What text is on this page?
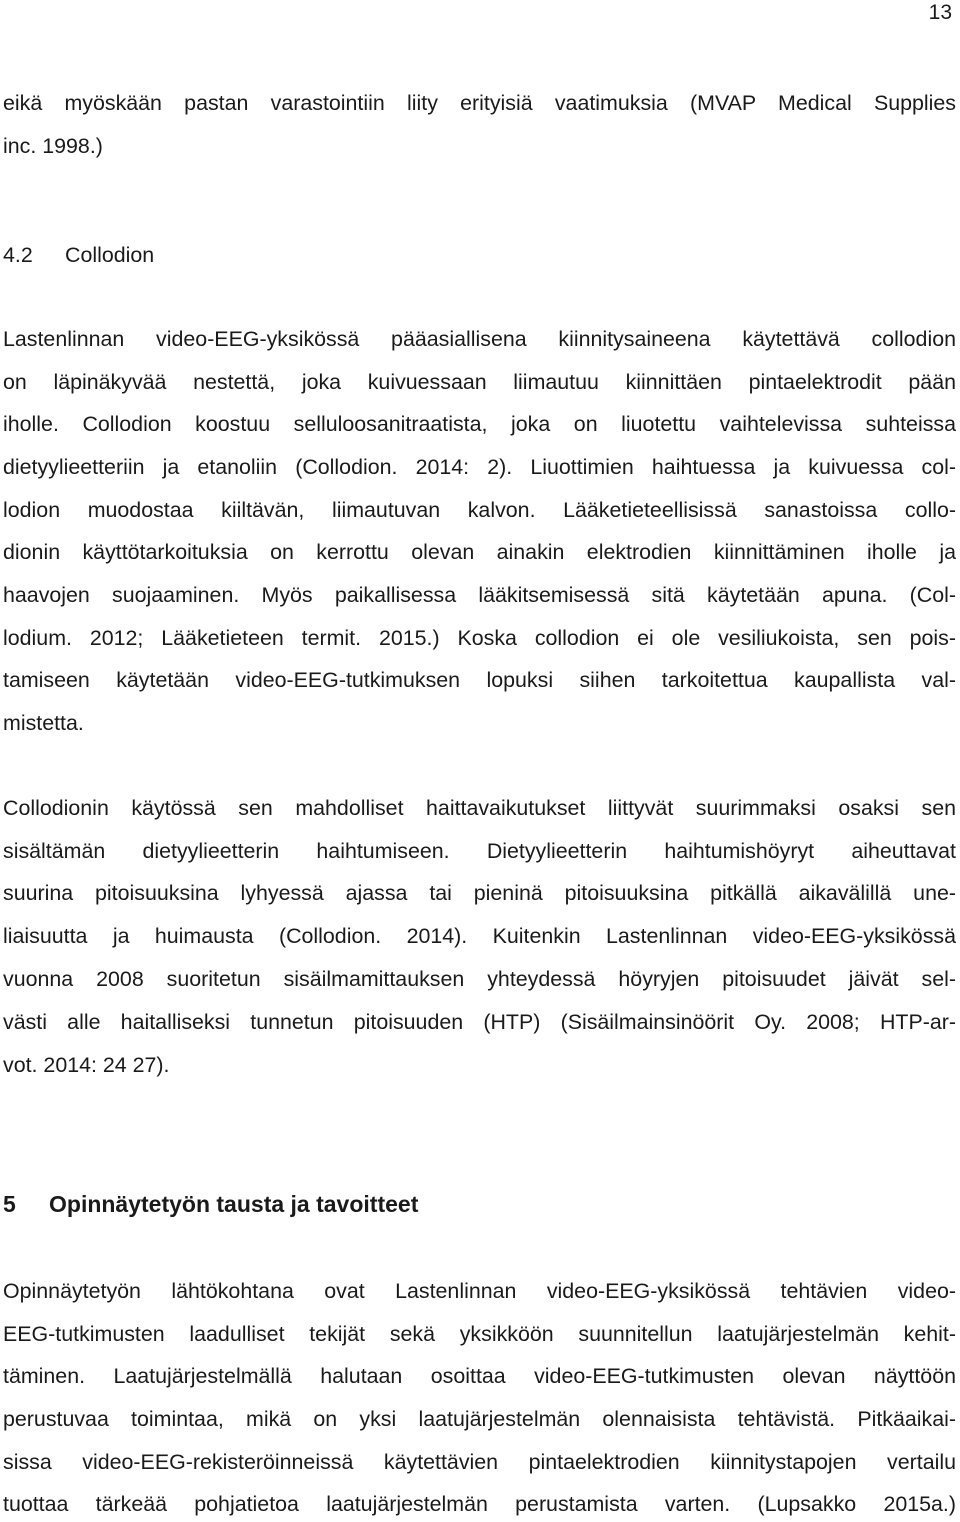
13
eikä myöskään pastan varastointiin liity erityisiä vaatimuksia (MVAP Medical Supplies
inc. 1998.)
4.2 Collodion
Lastenlinnan video-EEG-yksikössä pääasiallisena kiinnitysaineena käytettävä collodion
on läpinäkyvää nestettä, joka kuivuessaan liimautuu kiinnittäen pintaelektrodit pään
iholle. Collodion koostuu selluloosanitraatista, joka on liuotettu vaihtelevissa suhteissa
dietyylieetteriin ja etanoliin (Collodion. 2014: 2). Liuottimien haihtuessa ja kuivuessa col-
lodion muodostaa kiiltävän, liimautuvan kalvon. Lääketieteellisissä sanastoissa collo-
dionin käyttötarkoituksia on kerrottu olevan ainakin elektrodien kiinnittäminen iholle ja
haavojen suojaaminen. Myös paikallisessa lääkitsemisessä sitä käytetään apuna. (Col-
lodium. 2012; Lääketieteen termit. 2015.) Koska collodion ei ole vesiliukoista, sen pois-
tamiseen käytetään video-EEG-tutkimuksen lopuksi siihen tarkoitettua kaupallista val-
mistetta.
Collodionin käytössä sen mahdolliset haittavaikutukset liittyvät suurimmaksi osaksi sen
sisältämän dietyylieetterin haihtumiseen. Dietyylieetterin haihtumishöyryt aiheuttavat
suurina pitoisuuksina lyhyessä ajassa tai pieninä pitoisuuksina pitkällä aikavälillä une-
liaisuutta ja huimausta (Collodion. 2014). Kuitenkin Lastenlinnan video-EEG-yksikössä
vuonna 2008 suoritetun sisäilmamittauksen yhteydessä höyryjen pitoisuudet jäivät sel-
västi alle haitalliseksi tunnetun pitoisuuden (HTP) (Sisäilmainsinöörit Oy. 2008; HTP-ar-
vot. 2014: 24 27).
5 Opinnäytetyön tausta ja tavoitteet
Opinnäytetyön lähtökohtana ovat Lastenlinnan video-EEG-yksikössä tehtävien video-
EEG-tutkimusten laadulliset tekijät sekä yksikköön suunnitellun laatujärjestelmän kehit-
täminen. Laatujärjestelmällä halutaan osoittaa video-EEG-tutkimusten olevan näyttöön
perustuvaa toimintaa, mikä on yksi laatujärjestelmän olennaisista tehtävistä. Pitkäaikai-
sissa video-EEG-rekisteröinneissä käytettävien pintaelektrodien kiinnitystapojen vertailu
tuottaa tärkeää pohjatietoa laatujärjestelmän perustamista varten. (Lupsakko 2015a.)
